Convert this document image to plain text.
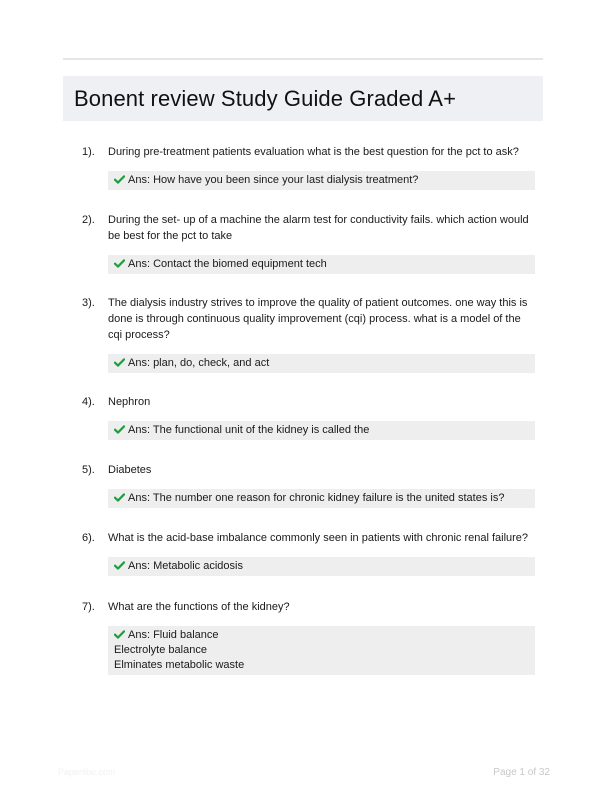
Bonent review Study Guide Graded A+
1).	During pre-treatment patients evaluation what is the best question for the pct to ask?
Ans: How have you been since your last dialysis treatment?
2).	During the set- up of a machine the alarm test for conductivity fails. which action would be best for the pct to take
Ans: Contact the biomed equipment tech
3).	The dialysis industry strives to improve the quality of patient outcomes. one way this is done is through continuous quality improvement (cqi) process. what is a model of the cqi process?
Ans: plan, do, check, and act
4).	Nephron
Ans: The functional unit of the kidney is called the
5).	Diabetes
Ans: The number one reason for chronic kidney failure is the united states is?
6).	What is the acid-base imbalance commonly seen in patients with chronic renal failure?
Ans: Metabolic acidosis
7).	What are the functions of the kidney?
Ans: Fluid balance
Electrolyte balance
Elminates metabolic waste
Paperlibe.com	Page 1 of 32
